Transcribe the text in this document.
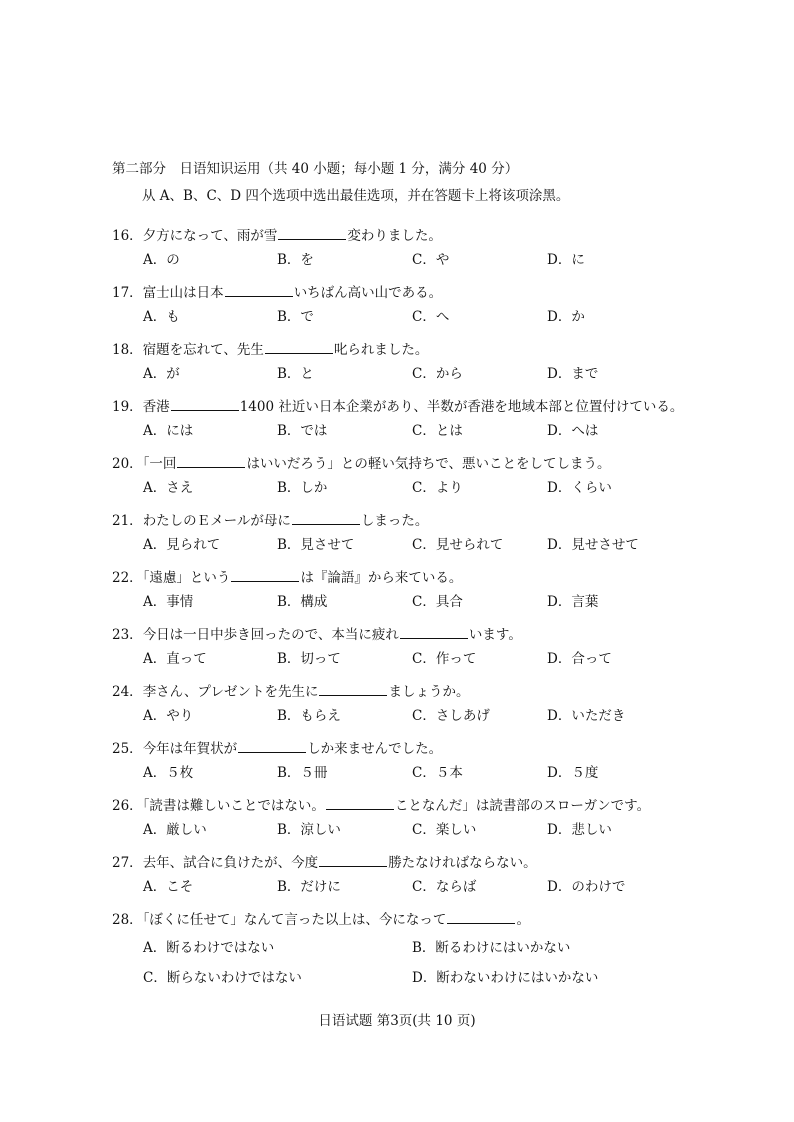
第二部分　日语知识运用（共 40 小题；每小题 1 分，满分 40 分）
从 A、B、C、D 四个选项中选出最佳选项，并在答题卡上将该项涂黑。
16．夕方になって、雨が雪	変わりました。
A．の	B．を	C．や	D．に
17．富士山は日本	いちばん高い山である。
A．も	B．で	C．へ	D．か
18．宿題を忘れて、先生	叱られました。
A．が	B．と	C．から	D．まで
19．香港	1400 社近い日本企業があり、半数が香港を地域本部と位置付けている。
A．には	B．では	C．とは	D．へは
20．「一回	はいいだろう」との軽い気持ちで、悪いことをしてしまう。
A．さえ	B．しか	C．より	D．くらい
21．わたしのＥメールが母に	しまった。
A．見られて	B．見させて	C．見せられて	D．見せさせて
22．「遠慮」という	は『論語』から来ている。
A．事情	B．構成	C．具合	D．言葉
23．今日は一日中歩き回ったので、本当に疲れ	います。
A．直って	B．切って	C．作って	D．合って
24．李さん、プレゼントを先生に	ましょうか。
A．やり	B．もらえ	C．さしあげ	D．いただき
25．今年は年賀状が	しか来ませんでした。
A．５枚	B．５冊	C．５本	D．５度
26．「読書は難しいことではない。	ことなんだ」は読書部のスローガンです。
A．厳しい	B．涼しい	C．楽しい	D．悲しい
27．去年、試合に負けたが、今度	勝たなければならない。
A．こそ	B．だけに	C．ならば	D．のわけで
28．「ぼくに任せて」なんて言った以上は、今になって	。
A．断るわけではない	B．断るわけにはいかない
C．断らないわけではない	D．断わないわけにはいかない
日语试题 第3页(共 10 页)
